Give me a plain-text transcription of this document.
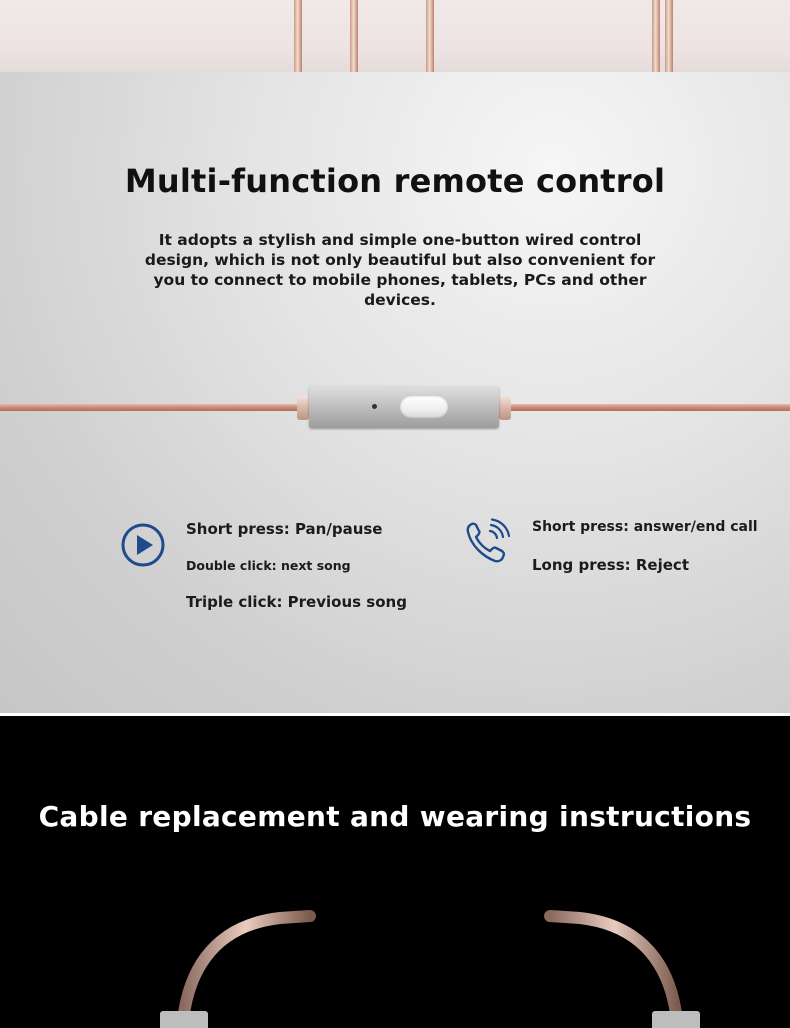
Multi-function remote control
It adopts a stylish and simple one-button wired control design, which is not only beautiful but also convenient for you to connect to mobile phones, tablets, PCs and other devices.
Short press: Pan/pause
Double click: next song
Triple click: Previous song
Short press: answer/end call
Long press: Reject
Cable replacement and wearing instructions
